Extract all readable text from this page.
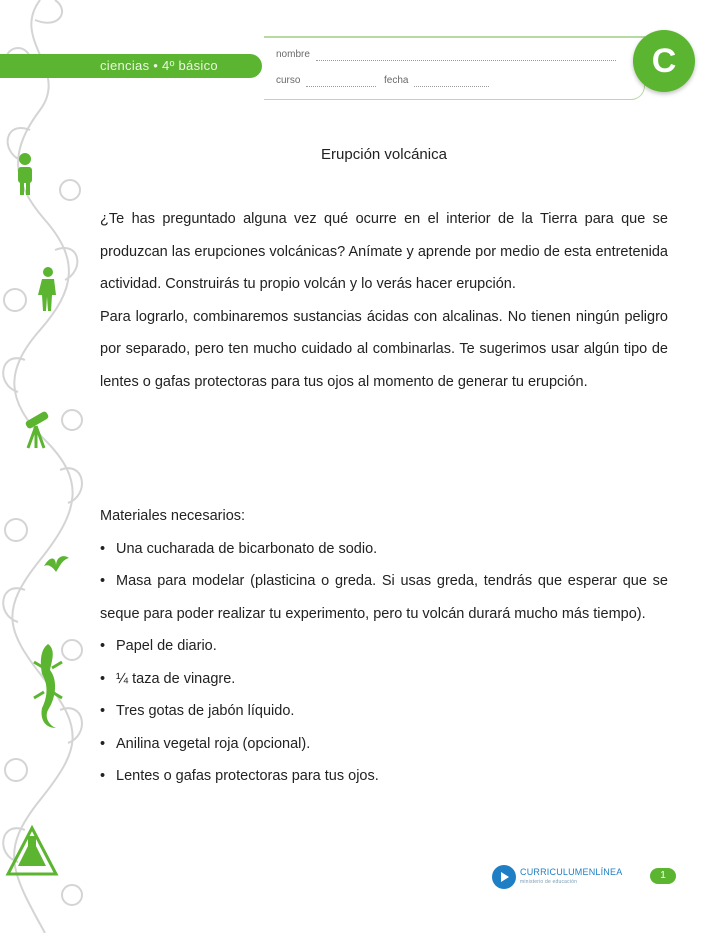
ciencias • 4º básico
nombre
curso	fecha
C
Erupción volcánica

¿Te has preguntado alguna vez qué ocurre en el interior de la Tierra para que se produzcan las erupciones volcánicas? Anímate y aprende por medio de esta entretenida actividad. Construirás tu propio volcán y lo verás hacer erupción.

Para lograrlo, combinaremos sustancias ácidas con alcalinas. No tienen ningún peligro por separado, pero ten mucho cuidado al combinarlas. Te sugerimos usar algún tipo de lentes o gafas protectoras para tus ojos al momento de generar tu erupción.

Materiales necesarios:
• Una cucharada de bicarbonato de sodio.
• Masa para modelar (plasticina o greda. Si usas greda, tendrás que esperar que se seque para poder realizar tu experimento, pero tu volcán durará mucho más tiempo).
• Papel de diario.
• ¼ taza de vinagre.
• Tres gotas de jabón líquido.
• Anilina vegetal roja (opcional).
• Lentes o gafas protectoras para tus ojos.
CURRICULUMENLÍNEA
ministerio de educación
1
